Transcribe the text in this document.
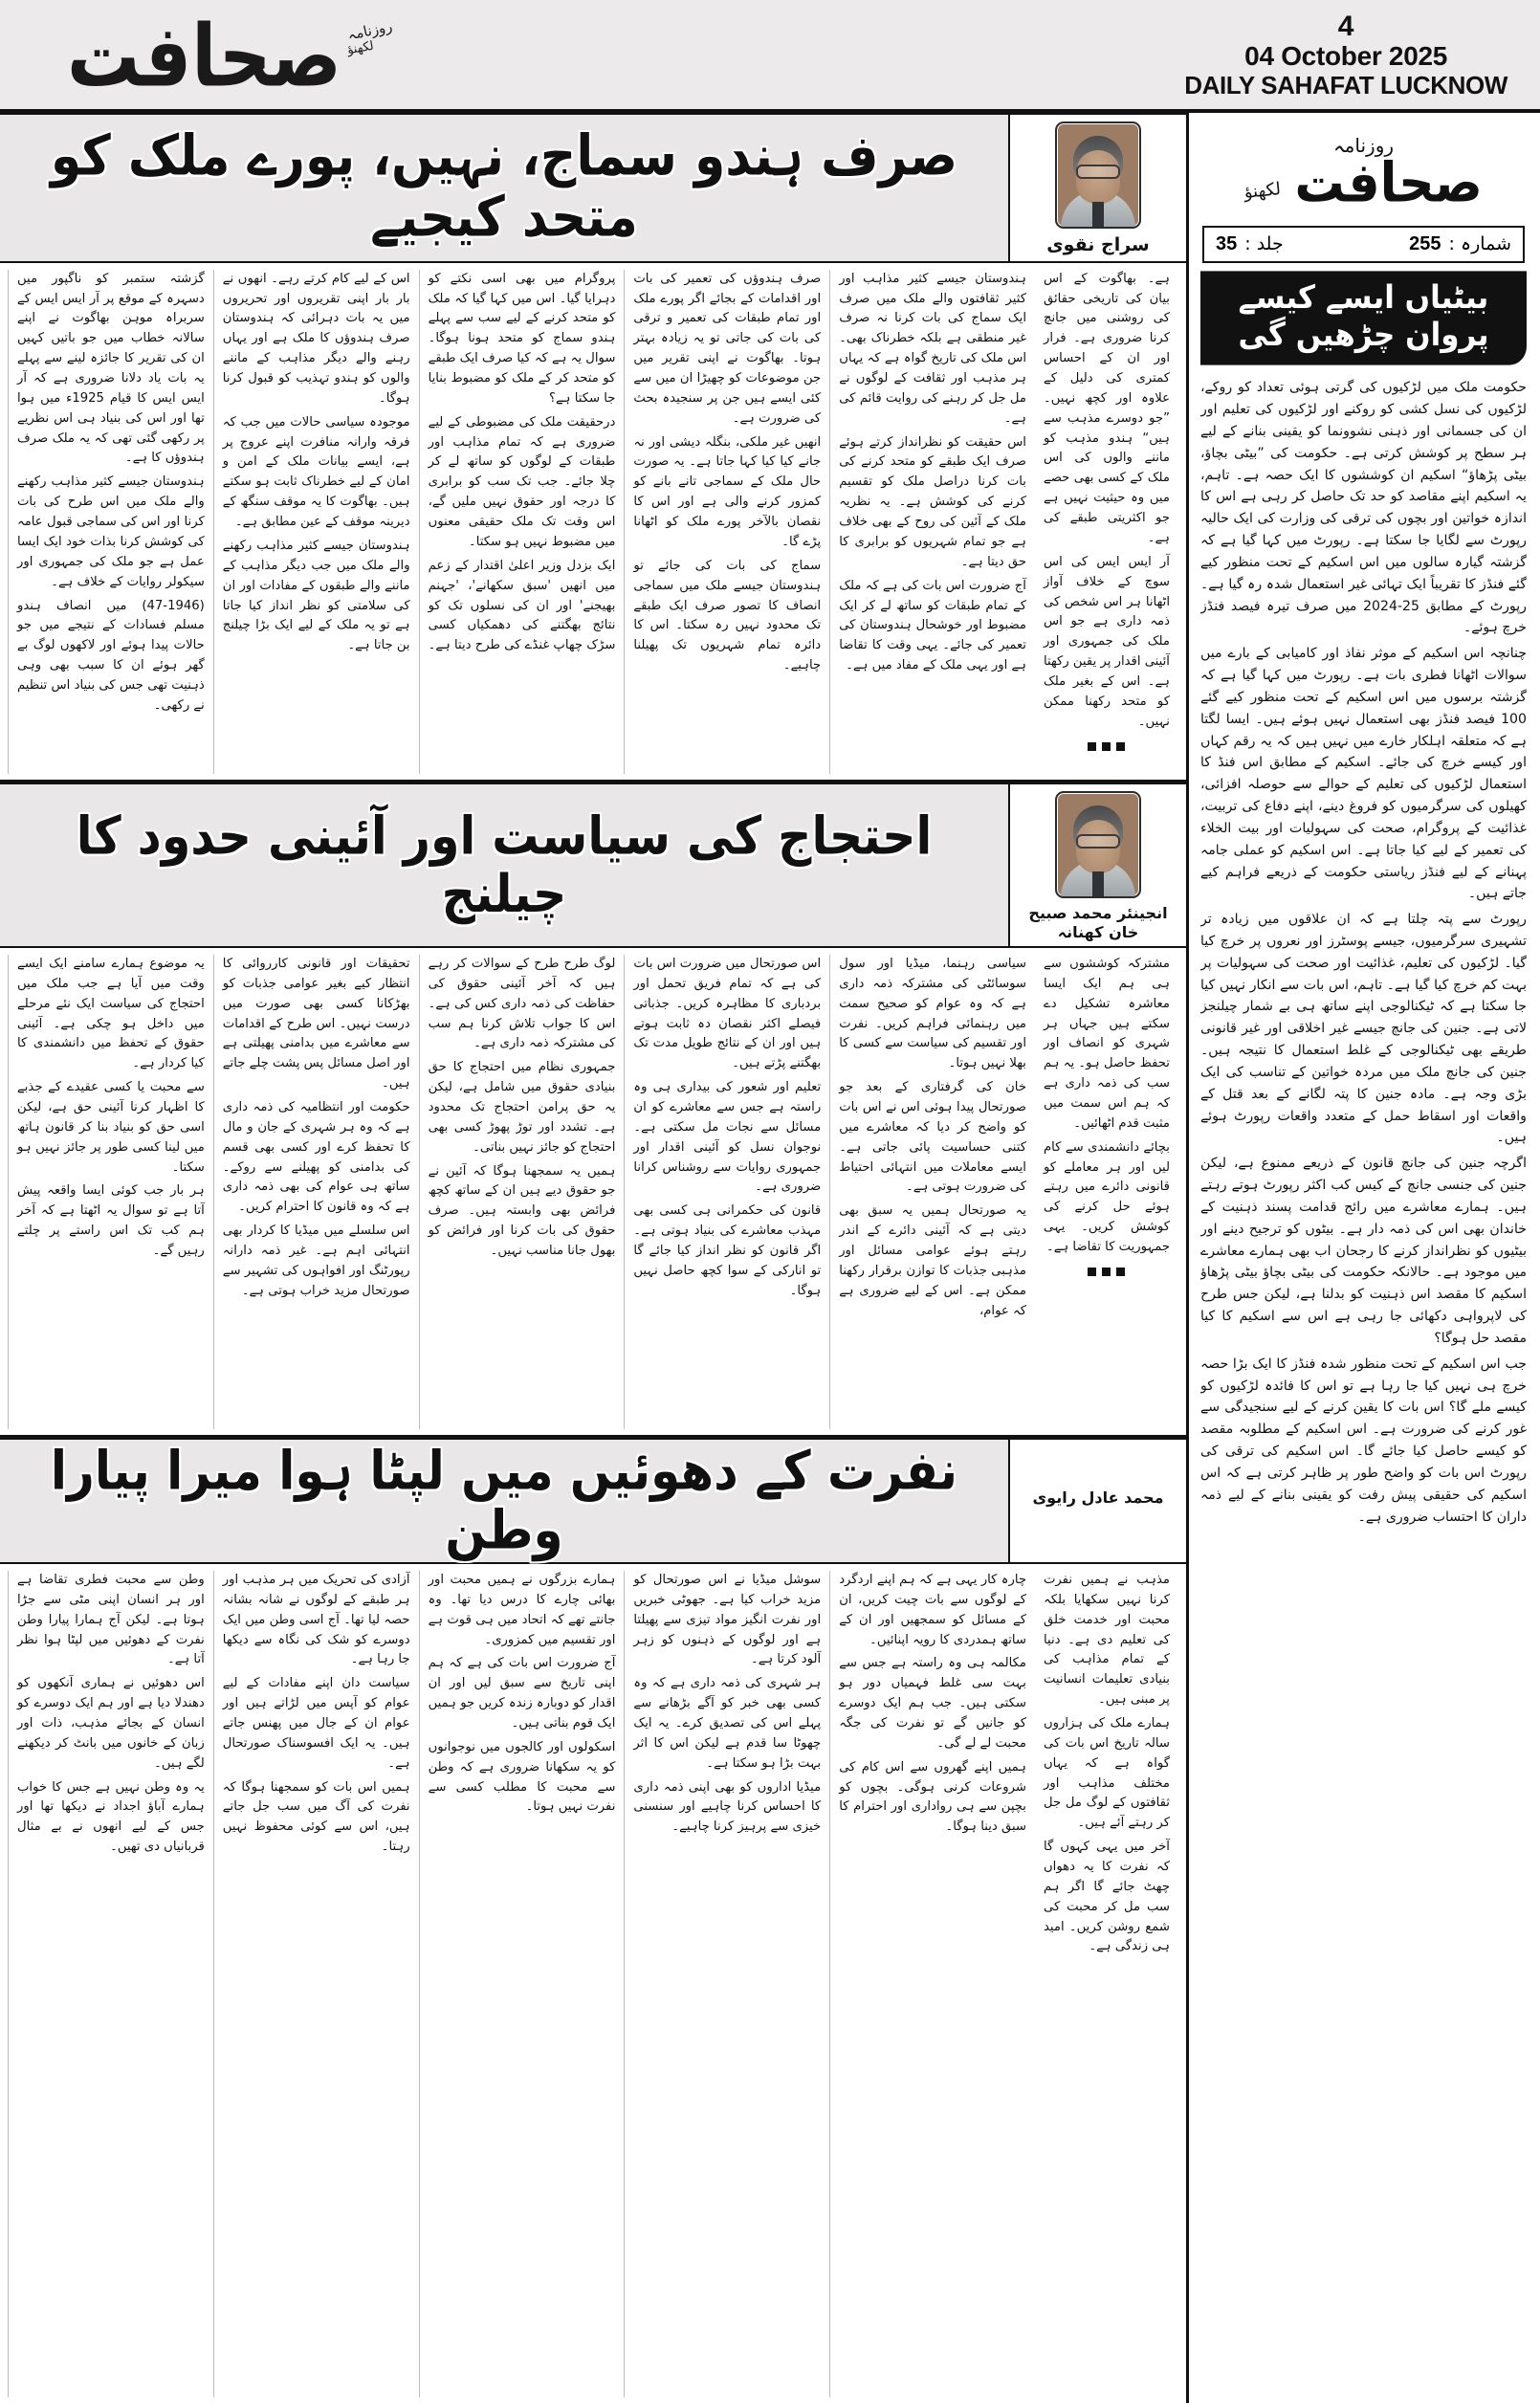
صحافت روزنامہ
لکھنؤ
4
04 October 2025
DAILY SAHAFAT LUCKNOW
صرف ہندو سماج، نہیں، پورے ملک کو متحد کیجیے	سراج نقوی

گزشتہ ستمبر کو ناگپور میں دسہرہ کے موقع پر آر ایس ایس کے سربراہ موہن بھاگوت نے اپنے سالانہ خطاب میں جو باتیں کہیں ان کی تقریر کا جائزہ لینے سے پہلے یہ بات یاد دلانا ضروری ہے کہ آر ایس ایس کا قیام 1925ء میں ہوا تھا اور اس کی بنیاد ہی اس نظریے پر رکھی گئی تھی کہ یہ ملک صرف ہندوؤں کا ہے۔

ہندوستان جیسے کثیر مذاہب رکھنے والے ملک میں اس طرح کی بات کرنا اور اس کی سماجی قبول عامہ کی کوشش کرنا بذات خود ایک ایسا عمل ہے جو ملک کی جمہوری اور سیکولر روایات کے خلاف ہے۔

(47-1946) میں انصاف ہندو مسلم فسادات کے نتیجے میں جو حالات پیدا ہوئے اور لاکھوں لوگ بے گھر ہوئے ان کا سبب بھی وہی ذہنیت تھی جس کی بنیاد اس تنظیم نے رکھی۔

اس کے لیے کام کرتے رہے۔ انھوں نے بار بار اپنی تقریروں اور تحریروں میں یہ بات دہرائی کہ ہندوستان صرف ہندوؤں کا ملک ہے اور یہاں رہنے والے دیگر مذاہب کے ماننے والوں کو ہندو تہذیب کو قبول کرنا ہوگا۔

موجودہ سیاسی حالات میں جب کہ فرقہ وارانہ منافرت اپنے عروج پر ہے، ایسے بیانات ملک کے امن و امان کے لیے خطرناک ثابت ہو سکتے ہیں۔ بھاگوت کا یہ موقف سنگھ کے دیرینہ موقف کے عین مطابق ہے۔

ہندوستان جیسے کثیر مذاہب رکھنے والے ملک میں جب دیگر مذاہب کے ماننے والے طبقوں کے مفادات اور ان کی سلامتی کو نظر انداز کیا جاتا ہے تو یہ ملک کے لیے ایک بڑا چیلنج بن جاتا ہے۔

پروگرام میں بھی اسی نکتے کو دہرایا گیا۔ اس میں کہا گیا کہ ملک کو متحد کرنے کے لیے سب سے پہلے ہندو سماج کو متحد ہونا ہوگا۔ سوال یہ ہے کہ کیا صرف ایک طبقے کو متحد کر کے ملک کو مضبوط بنایا جا سکتا ہے؟

درحقیقت ملک کی مضبوطی کے لیے ضروری ہے کہ تمام مذاہب اور طبقات کے لوگوں کو ساتھ لے کر چلا جائے۔ جب تک سب کو برابری کا درجہ اور حقوق نہیں ملیں گے، اس وقت تک ملک حقیقی معنوں میں مضبوط نہیں ہو سکتا۔

ایک بزدل وزیر اعلیٰ اقتدار کے زعم میں انھیں 'سبق سکھانے'، 'جہنم بھیجنے' اور ان کی نسلوں تک کو نتائج بھگتنے کی دھمکیاں کسی سڑک چھاپ غنڈے کی طرح دیتا ہے۔

صرف ہندوؤں کی تعمیر کی بات اور اقدامات کے بجائے اگر پورے ملک اور تمام طبقات کی تعمیر و ترقی کی بات کی جاتی تو یہ زیادہ بہتر ہوتا۔ بھاگوت نے اپنی تقریر میں جن موضوعات کو چھیڑا ان میں سے کئی ایسے ہیں جن پر سنجیدہ بحث کی ضرورت ہے۔

انھیں غیر ملکی، بنگلہ دیشی اور نہ جانے کیا کیا کہا جاتا ہے۔ یہ صورت حال ملک کے سماجی تانے بانے کو کمزور کرنے والی ہے اور اس کا نقصان بالآخر پورے ملک کو اٹھانا پڑے گا۔

سماج کی بات کی جائے تو ہندوستان جیسے ملک میں سماجی انصاف کا تصور صرف ایک طبقے تک محدود نہیں رہ سکتا۔ اس کا دائرہ تمام شہریوں تک پھیلنا چاہیے۔

ہندوستان جیسے کثیر مذاہب اور کثیر ثقافتوں والے ملک میں صرف ایک سماج کی بات کرنا نہ صرف غیر منطقی ہے بلکہ خطرناک بھی۔ اس ملک کی تاریخ گواہ ہے کہ یہاں ہر مذہب اور ثقافت کے لوگوں نے مل جل کر رہنے کی روایت قائم کی ہے۔

اس حقیقت کو نظرانداز کرتے ہوئے صرف ایک طبقے کو متحد کرنے کی بات کرنا دراصل ملک کو تقسیم کرنے کی کوشش ہے۔ یہ نظریہ ملک کے آئین کی روح کے بھی خلاف ہے جو تمام شہریوں کو برابری کا حق دیتا ہے۔

آج ضرورت اس بات کی ہے کہ ملک کے تمام طبقات کو ساتھ لے کر ایک مضبوط اور خوشحال ہندوستان کی تعمیر کی جائے۔ یہی وقت کا تقاضا ہے اور یہی ملک کے مفاد میں ہے۔

ہے۔ بھاگوت کے اس بیان کی تاریخی حقائق کی روشنی میں جانچ کرنا ضروری ہے۔ فرار اور ان کے احساس کمتری کی دلیل کے علاوہ اور کچھ نہیں۔ ”جو دوسرے مذہب سے ہیں“ ہندو مذہب کو ماننے والوں کی اس ملک کے کسی بھی حصے میں وہ حیثیت نہیں ہے جو اکثریتی طبقے کی ہے۔

آر ایس ایس کی اس سوچ کے خلاف آواز اٹھانا ہر اس شخص کی ذمہ داری ہے جو اس ملک کی جمہوری اور آئینی اقدار پر یقین رکھتا ہے۔ اس کے بغیر ملک کو متحد رکھنا ممکن نہیں۔

احتجاج کی سیاست اور آئینی حدود کا چیلنج	انجینئر محمد صبیح خان کھنانہ

یہ موضوع ہمارے سامنے ایک ایسے وقت میں آیا ہے جب ملک میں احتجاج کی سیاست ایک نئے مرحلے میں داخل ہو چکی ہے۔ آئینی حقوق کے تحفظ میں دانشمندی کا کیا کردار ہے۔

سے محبت یا کسی عقیدے کے جذبے کا اظہار کرنا آئینی حق ہے، لیکن اسی حق کو بنیاد بنا کر قانون ہاتھ میں لینا کسی طور پر جائز نہیں ہو سکتا۔

ہر بار جب کوئی ایسا واقعہ پیش آتا ہے تو سوال یہ اٹھتا ہے کہ آخر ہم کب تک اس راستے پر چلتے رہیں گے۔

تحقیقات اور قانونی کارروائی کا انتظار کیے بغیر عوامی جذبات کو بھڑکانا کسی بھی صورت میں درست نہیں۔ اس طرح کے اقدامات سے معاشرے میں بدامنی پھیلتی ہے اور اصل مسائل پس پشت چلے جاتے ہیں۔

حکومت اور انتظامیہ کی ذمہ داری ہے کہ وہ ہر شہری کے جان و مال کا تحفظ کرے اور کسی بھی قسم کی بدامنی کو پھیلنے سے روکے۔ ساتھ ہی عوام کی بھی ذمہ داری ہے کہ وہ قانون کا احترام کریں۔

اس سلسلے میں میڈیا کا کردار بھی انتہائی اہم ہے۔ غیر ذمہ دارانہ رپورٹنگ اور افواہوں کی تشہیر سے صورتحال مزید خراب ہوتی ہے۔

لوگ طرح طرح کے سوالات کر رہے ہیں کہ آخر آئینی حقوق کی حفاظت کی ذمہ داری کس کی ہے۔ اس کا جواب تلاش کرنا ہم سب کی مشترکہ ذمہ داری ہے۔

جمہوری نظام میں احتجاج کا حق بنیادی حقوق میں شامل ہے، لیکن یہ حق پرامن احتجاج تک محدود ہے۔ تشدد اور توڑ پھوڑ کسی بھی احتجاج کو جائز نہیں بناتی۔

ہمیں یہ سمجھنا ہوگا کہ آئین نے جو حقوق دیے ہیں ان کے ساتھ کچھ فرائض بھی وابستہ ہیں۔ صرف حقوق کی بات کرنا اور فرائض کو بھول جانا مناسب نہیں۔

اس صورتحال میں ضرورت اس بات کی ہے کہ تمام فریق تحمل اور بردباری کا مظاہرہ کریں۔ جذباتی فیصلے اکثر نقصان دہ ثابت ہوتے ہیں اور ان کے نتائج طویل مدت تک بھگتنے پڑتے ہیں۔

تعلیم اور شعور کی بیداری ہی وہ راستہ ہے جس سے معاشرے کو ان مسائل سے نجات مل سکتی ہے۔ نوجوان نسل کو آئینی اقدار اور جمہوری روایات سے روشناس کرانا ضروری ہے۔

قانون کی حکمرانی ہی کسی بھی مہذب معاشرے کی بنیاد ہوتی ہے۔ اگر قانون کو نظر انداز کیا جائے گا تو انارکی کے سوا کچھ حاصل نہیں ہوگا۔

سیاسی رہنما، میڈیا اور سول سوسائٹی کی مشترکہ ذمہ داری ہے کہ وہ عوام کو صحیح سمت میں رہنمائی فراہم کریں۔ نفرت اور تقسیم کی سیاست سے کسی کا بھلا نہیں ہوتا۔

خان کی گرفتاری کے بعد جو صورتحال پیدا ہوئی اس نے اس بات کو واضح کر دیا کہ معاشرے میں کتنی حساسیت پائی جاتی ہے۔ ایسے معاملات میں انتہائی احتیاط کی ضرورت ہوتی ہے۔

یہ صورتحال ہمیں یہ سبق بھی دیتی ہے کہ آئینی دائرے کے اندر رہتے ہوئے عوامی مسائل اور مذہبی جذبات کا توازن برقرار رکھنا ممکن ہے۔ اس کے لیے ضروری ہے کہ عوام،

مشترکہ کوششوں سے ہی ہم ایک ایسا معاشرہ تشکیل دے سکتے ہیں جہاں ہر شہری کو انصاف اور تحفظ حاصل ہو۔ یہ ہم سب کی ذمہ داری ہے کہ ہم اس سمت میں مثبت قدم اٹھائیں۔

بچائے دانشمندی سے کام لیں اور ہر معاملے کو قانونی دائرے میں رہتے ہوئے حل کرنے کی کوشش کریں۔ یہی جمہوریت کا تقاضا ہے۔

نفرت کے دھوئیں میں لپٹا ہوا میرا پیارا وطن
محمد عادل رایوی

وطن سے محبت فطری تقاضا ہے اور ہر انسان اپنی مٹی سے جڑا ہوتا ہے۔ لیکن آج ہمارا پیارا وطن نفرت کے دھوئیں میں لپٹا ہوا نظر آتا ہے۔

اس دھوئیں نے ہماری آنکھوں کو دھندلا دیا ہے اور ہم ایک دوسرے کو انسان کے بجائے مذہب، ذات اور زبان کے خانوں میں بانٹ کر دیکھنے لگے ہیں۔

یہ وہ وطن نہیں ہے جس کا خواب ہمارے آباؤ اجداد نے دیکھا تھا اور جس کے لیے انھوں نے بے مثال قربانیاں دی تھیں۔

آزادی کی تحریک میں ہر مذہب اور ہر طبقے کے لوگوں نے شانہ بشانہ حصہ لیا تھا۔ آج اسی وطن میں ایک دوسرے کو شک کی نگاہ سے دیکھا جا رہا ہے۔

سیاست دان اپنے مفادات کے لیے عوام کو آپس میں لڑاتے ہیں اور عوام ان کے جال میں پھنس جاتے ہیں۔ یہ ایک افسوسناک صورتحال ہے۔

ہمیں اس بات کو سمجھنا ہوگا کہ نفرت کی آگ میں سب جل جاتے ہیں، اس سے کوئی محفوظ نہیں رہتا۔

ہمارے بزرگوں نے ہمیں محبت اور بھائی چارے کا درس دیا تھا۔ وہ جانتے تھے کہ اتحاد میں ہی قوت ہے اور تقسیم میں کمزوری۔

آج ضرورت اس بات کی ہے کہ ہم اپنی تاریخ سے سبق لیں اور ان اقدار کو دوبارہ زندہ کریں جو ہمیں ایک قوم بناتی ہیں۔

اسکولوں اور کالجوں میں نوجوانوں کو یہ سکھانا ضروری ہے کہ وطن سے محبت کا مطلب کسی سے نفرت نہیں ہوتا۔

سوشل میڈیا نے اس صورتحال کو مزید خراب کیا ہے۔ جھوٹی خبریں اور نفرت انگیز مواد تیزی سے پھیلتا ہے اور لوگوں کے ذہنوں کو زہر آلود کرتا ہے۔

ہر شہری کی ذمہ داری ہے کہ وہ کسی بھی خبر کو آگے بڑھانے سے پہلے اس کی تصدیق کرے۔ یہ ایک چھوٹا سا قدم ہے لیکن اس کا اثر بہت بڑا ہو سکتا ہے۔

میڈیا اداروں کو بھی اپنی ذمہ داری کا احساس کرنا چاہیے اور سنسنی خیزی سے پرہیز کرنا چاہیے۔

چارہ کار یہی ہے کہ ہم اپنے اردگرد کے لوگوں سے بات چیت کریں، ان کے مسائل کو سمجھیں اور ان کے ساتھ ہمدردی کا رویہ اپنائیں۔

مکالمہ ہی وہ راستہ ہے جس سے بہت سی غلط فہمیاں دور ہو سکتی ہیں۔ جب ہم ایک دوسرے کو جانیں گے تو نفرت کی جگہ محبت لے لے گی۔

ہمیں اپنے گھروں سے اس کام کی شروعات کرنی ہوگی۔ بچوں کو بچپن سے ہی رواداری اور احترام کا سبق دینا ہوگا۔

مذہب نے ہمیں نفرت کرنا نہیں سکھایا بلکہ محبت اور خدمت خلق کی تعلیم دی ہے۔ دنیا کے تمام مذاہب کی بنیادی تعلیمات انسانیت پر مبنی ہیں۔

ہمارے ملک کی ہزاروں سالہ تاریخ اس بات کی گواہ ہے کہ یہاں مختلف مذاہب اور ثقافتوں کے لوگ مل جل کر رہتے آئے ہیں۔

آخر میں یہی کہوں گا کہ نفرت کا یہ دھواں چھٹ جائے گا اگر ہم سب مل کر محبت کی شمع روشن کریں۔ امید ہی زندگی ہے۔

روزنامہ
صحافت
لکھنؤ
جلد :
35	شمارہ :
255
بیٹیاں ایسے کیسے پروان چڑھیں گی

حکومت ملک میں لڑکیوں کی گرتی ہوئی تعداد کو روکے، لڑکیوں کی نسل کشی کو روکنے اور لڑکیوں کی تعلیم اور ان کی جسمانی اور ذہنی نشوونما کو یقینی بنانے کے لیے ہر سطح پر کوشش کرتی ہے۔ حکومت کی ”بیٹی بچاؤ، بیٹی پڑھاؤ“ اسکیم ان کوششوں کا ایک حصہ ہے۔ تاہم، یہ اسکیم اپنے مقاصد کو حد تک حاصل کر رہی ہے اس کا اندازہ خواتین اور بچوں کی ترقی کی وزارت کی ایک حالیہ رپورٹ سے لگایا جا سکتا ہے۔ رپورٹ میں کہا گیا ہے کہ گزشتہ گیارہ سالوں میں اس اسکیم کے تحت منظور کیے گئے فنڈز کا تقریباً ایک تہائی غیر استعمال شدہ رہ گیا ہے۔ رپورٹ کے مطابق 25-2024 میں صرف تیرہ فیصد فنڈز خرچ ہوئے۔

چنانچہ اس اسکیم کے موثر نفاذ اور کامیابی کے بارے میں سوالات اٹھانا فطری بات ہے۔ رپورٹ میں کہا گیا ہے کہ گزشتہ برسوں میں اس اسکیم کے تحت منظور کیے گئے 100 فیصد فنڈز بھی استعمال نہیں ہوئے ہیں۔ ایسا لگتا ہے کہ متعلقہ اہلکار خارے میں نہیں ہیں کہ یہ رقم کہاں اور کیسے خرچ کی جائے۔ اسکیم کے مطابق اس فنڈ کا استعمال لڑکیوں کی تعلیم کے حوالے سے حوصلہ افزائی، کھیلوں کی سرگرمیوں کو فروغ دینے، اپنے دفاع کی تربیت، غذائیت کے پروگرام، صحت کی سہولیات اور بیت الخلاء کی تعمیر کے لیے کیا جاتا ہے۔ اس اسکیم کو عملی جامہ پہنانے کے لیے فنڈز ریاستی حکومت کے ذریعے فراہم کیے جاتے ہیں۔

رپورٹ سے پتہ چلتا ہے کہ ان علاقوں میں زیادہ تر تشہیری سرگرمیوں، جیسے پوسٹرز اور نعروں پر خرچ کیا گیا۔ لڑکیوں کی تعلیم، غذائیت اور صحت کی سہولیات پر بہت کم خرچ کیا گیا ہے۔ تاہم، اس بات سے انکار نہیں کیا جا سکتا ہے کہ ٹیکنالوجی اپنے ساتھ ہی بے شمار چیلنجز لاتی ہے۔ جنین کی جانچ جیسے غیر اخلاقی اور غیر قانونی طریقے بھی ٹیکنالوجی کے غلط استعمال کا نتیجہ ہیں۔ جنین کی جانچ ملک میں مردہ خواتین کے تناسب کی ایک بڑی وجہ ہے۔ مادہ جنین کا پتہ لگانے کے بعد قتل کے واقعات اور اسقاط حمل کے متعدد واقعات رپورٹ ہوئے ہیں۔

اگرچہ جنین کی جانچ قانون کے ذریعے ممنوع ہے، لیکن جنین کی جنسی جانچ کے کیس کب اکثر رپورٹ ہوتے رہتے ہیں۔ ہمارے معاشرے میں رائج قدامت پسند ذہنیت کے خاندان بھی اس کی ذمہ دار ہے۔ بیٹوں کو ترجیح دینے اور بیٹیوں کو نظرانداز کرنے کا رجحان اب بھی ہمارے معاشرے میں موجود ہے۔ حالانکہ حکومت کی بیٹی بچاؤ بیٹی پڑھاؤ اسکیم کا مقصد اس ذہنیت کو بدلنا ہے، لیکن جس طرح کی لاپرواہی دکھائی جا رہی ہے اس سے اسکیم کا کیا مقصد حل ہوگا؟

جب اس اسکیم کے تحت منظور شدہ فنڈز کا ایک بڑا حصہ خرچ ہی نہیں کیا جا رہا ہے تو اس کا فائدہ لڑکیوں کو کیسے ملے گا؟ اس بات کا یقین کرنے کے لیے سنجیدگی سے غور کرنے کی ضرورت ہے۔ اس اسکیم کے مطلوبہ مقصد کو کیسے حاصل کیا جائے گا۔ اس اسکیم کی ترقی کی رپورٹ اس بات کو واضح طور پر ظاہر کرتی ہے کہ اس اسکیم کی حقیقی پیش رفت کو یقینی بنانے کے لیے ذمہ داران کا احتساب ضروری ہے۔
